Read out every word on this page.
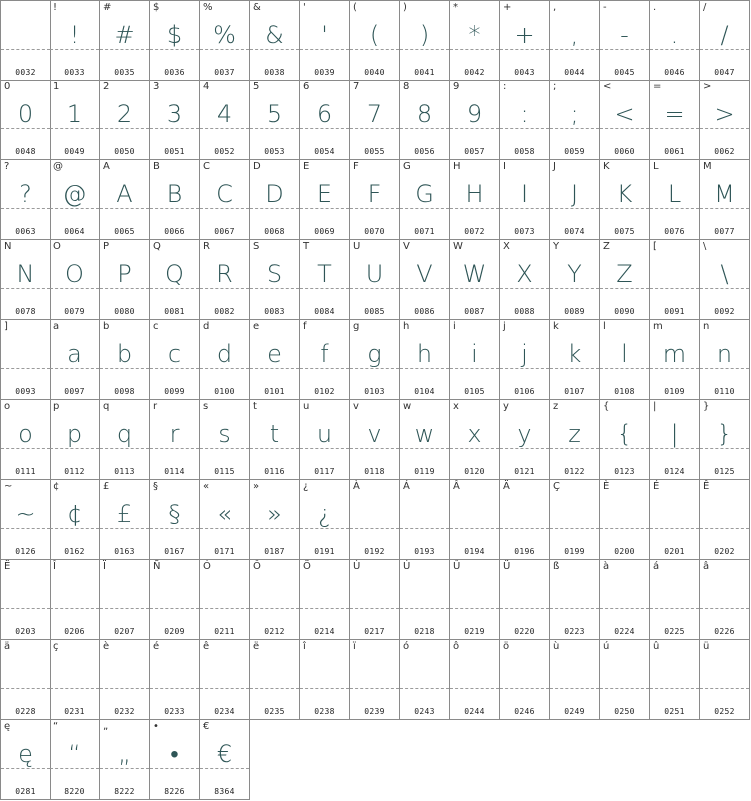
0032
!
!
0033
#
#
0035
$
$
0036
%
%
0037
&
&
0038
'
'
0039
(
(
0040
)
)
0041
*
*
0042
+
+
0043
,
,
0044
-
-
0045
.
.
0046
/
/
0047
0
0
0048
1
1
0049
2
2
0050
3
3
0051
4
4
0052
5
5
0053
6
6
0054
7
7
0055
8
8
0056
9
9
0057
:
:
0058
;
;
0059
<
<
0060
=
=
0061
>
>
0062
?
?
0063
@
@
0064
A
A
0065
B
B
0066
C
C
0067
D
D
0068
E
E
0069
F
F
0070
G
G
0071
H
H
0072
I
I
0073
J
J
0074
K
K
0075
L
L
0076
M
M
0077
N
N
0078
O
O
0079
P
P
0080
Q
Q
0081
R
R
0082
S
S
0083
T
T
0084
U
U
0085
V
V
0086
W
W
0087
X
X
0088
Y
Y
0089
Z
Z
0090
[
0091
\
\
0092
]
0093
a
a
0097
b
b
0098
c
c
0099
d
d
0100
e
e
0101
f
f
0102
g
g
0103
h
h
0104
i
i
0105
j
j
0106
k
k
0107
l
l
0108
m
m
0109
n
n
0110
o
o
0111
p
p
0112
q
q
0113
r
r
0114
s
s
0115
t
t
0116
u
u
0117
v
v
0118
w
w
0119
x
x
0120
y
y
0121
z
z
0122
{
{
0123
|
|
0124
}
}
0125
~
~
0126
¢
¢
0162
£
£
0163
§
§
0167
«
«
0171
»
»
0187
¿
¿
0191
À
0192
Á
0193
Â
0194
Ä
0196
Ç
0199
È
0200
É
0201
Ê
0202
Ë
0203
Î
0206
Ï
0207
Ñ
0209
Ó
0211
Ô
0212
Ö
0214
Ù
0217
Ú
0218
Û
0219
Ü
0220
ß
0223
à
0224
á
0225
â
0226
ä
0228
ç
0231
è
0232
é
0233
ê
0234
ë
0235
î
0238
ï
0239
ó
0243
ô
0244
ö
0246
ù
0249
ú
0250
û
0251
ü
0252
ę
ę
0281
“
“
8220
„
„
8222
•
•
8226
€
€
8364
